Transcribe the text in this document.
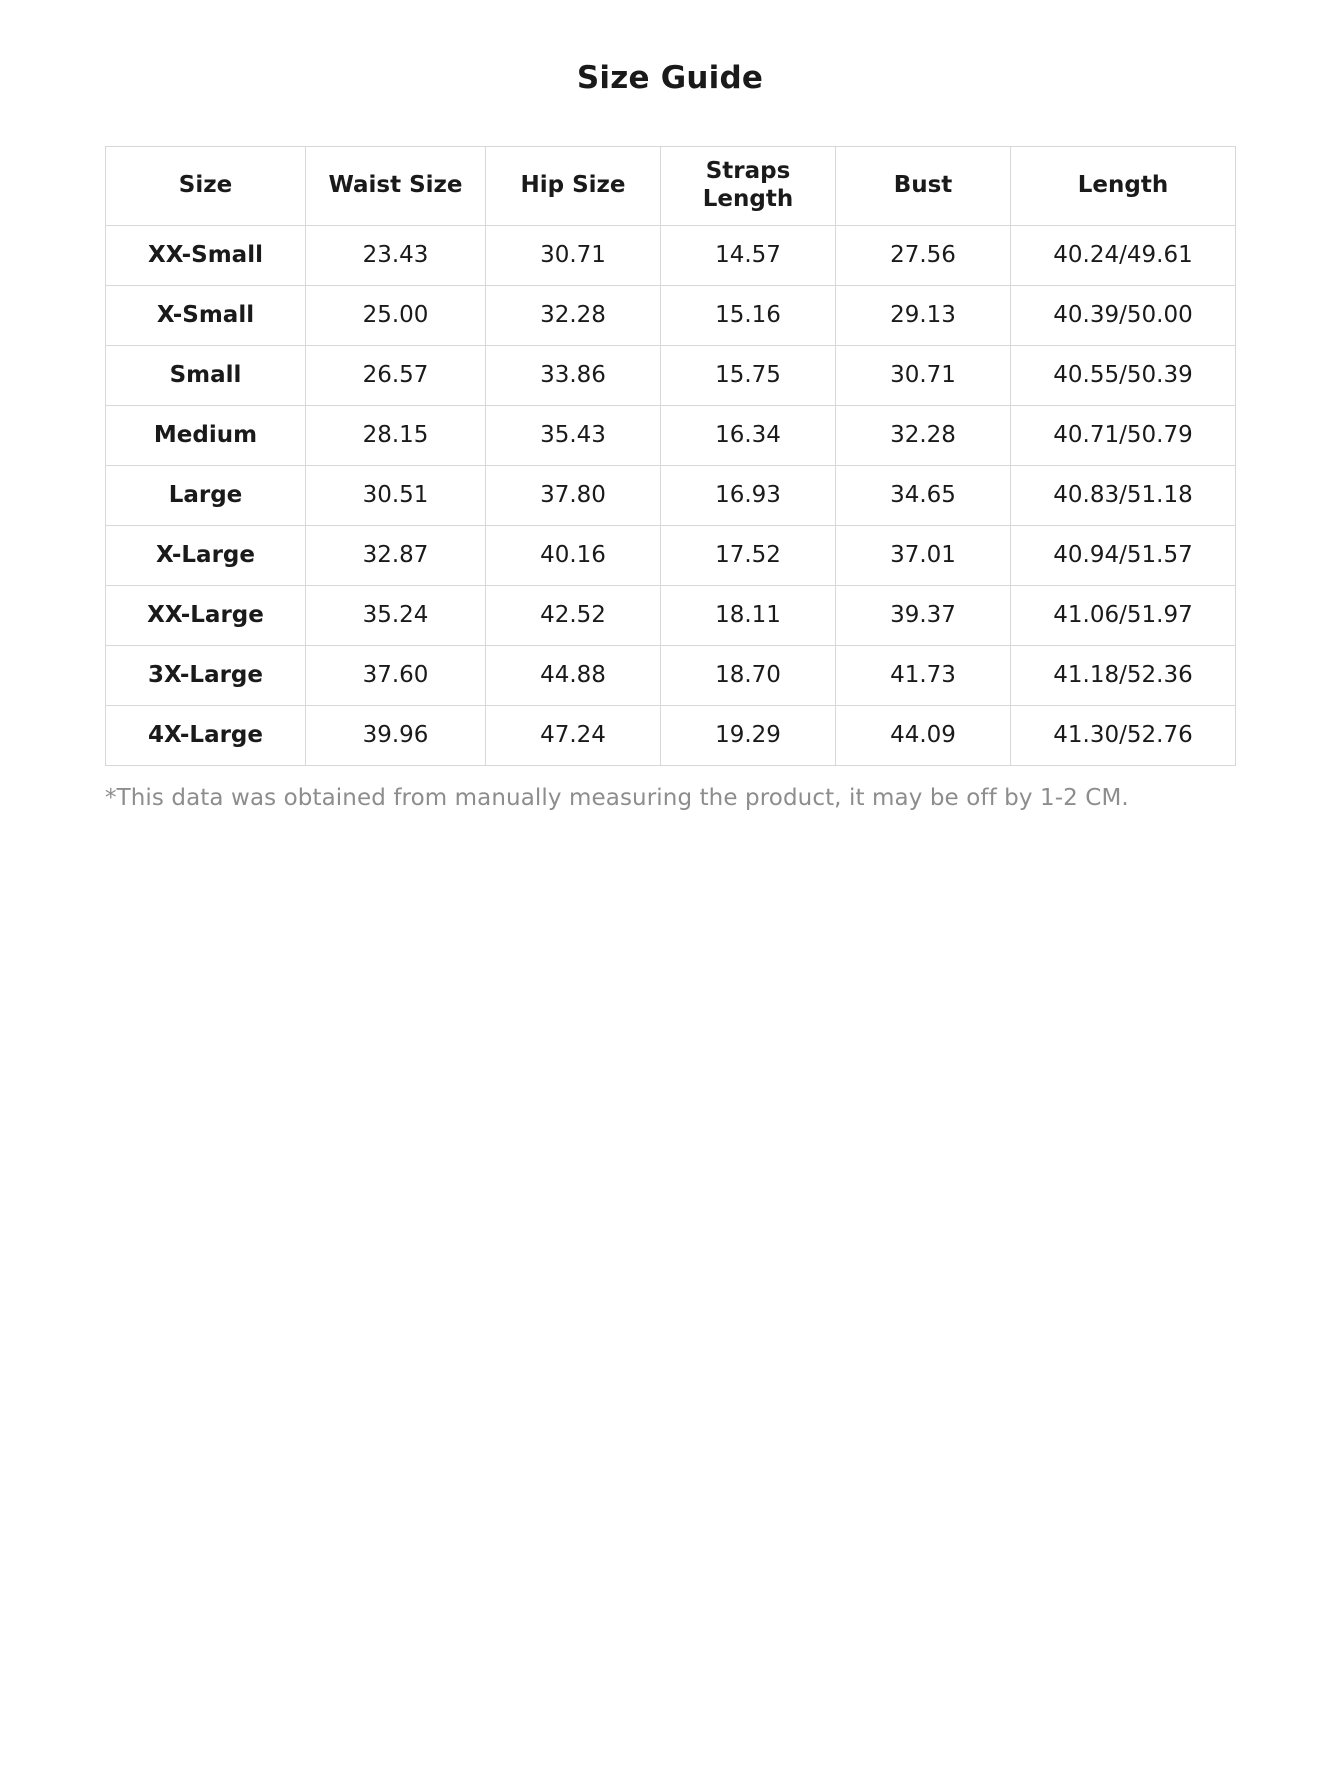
Size Guide
Size	Waist Size	Hip Size	Straps Length	Bust	Length
XX-Small	23.43	30.71	14.57	27.56	40.24/49.61
X-Small	25.00	32.28	15.16	29.13	40.39/50.00
Small	26.57	33.86	15.75	30.71	40.55/50.39
Medium	28.15	35.43	16.34	32.28	40.71/50.79
Large	30.51	37.80	16.93	34.65	40.83/51.18
X-Large	32.87	40.16	17.52	37.01	40.94/51.57
XX-Large	35.24	42.52	18.11	39.37	41.06/51.97
3X-Large	37.60	44.88	18.70	41.73	41.18/52.36
4X-Large	39.96	47.24	19.29	44.09	41.30/52.76

*This data was obtained from manually measuring the product, it may be off by 1-2 CM.
